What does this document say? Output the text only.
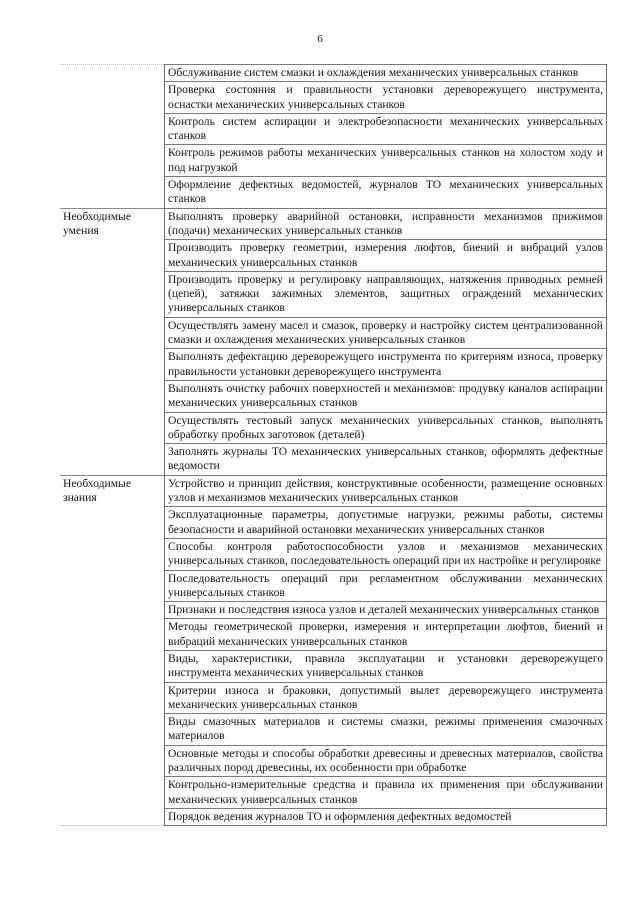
6
	Обслуживание систем смазки и охлаждения механических универсальных станков
	Проверка состояния и правильности установки дереворежущего инструмента, оснастки механических универсальных станков
	Контроль систем аспирации и электробезопасности механических универсальных станков
	Контроль режимов работы механических универсальных станков на холостом ходу и под нагрузкой
	Оформление дефектных ведомостей, журналов ТО механических универсальных станков

Необходимые умения	Выполнять проверку аварийной остановки, исправности механизмов прижимов (подачи) механических универсальных станков
	Производить проверку геометрии, измерения люфтов, биений и вибраций узлов механических универсальных станков
	Производить проверку и регулировку направляющих, натяжения приводных ремней (цепей), затяжки зажимных элементов, защитных ограждений механических универсальных станков
	Осуществлять замену масел и смазок, проверку и настройку систем централизованной смазки и охлаждения механических универсальных станков
	Выполнять дефектацию дереворежущего инструмента по критериям износа, проверку правильности установки дереворежущего инструмента
	Выполнять очистку рабочих поверхностей и механизмов: продувку каналов аспирации механических универсальных станков
	Осуществлять тестовый запуск механических универсальных станков, выполнять обработку пробных заготовок (деталей)
	Заполнять журналы ТО механических универсальных станков, оформлять дефектные ведомости

Необходимые знания	Устройство и принцип действия, конструктивные особенности, размещение основных узлов и механизмов механических универсальных станков
	Эксплуатационные параметры, допустимые нагрузки, режимы работы, системы безопасности и аварийной остановки механических универсальных станков
	Способы контроля работоспособности узлов и механизмов механических универсальных станков, последовательность операций при их настройке и регулировке
	Последовательность операций при регламентном обслуживании механических универсальных станков
	Признаки и последствия износа узлов и деталей механических универсальных станков
	Методы геометрической проверки, измерения и интерпретации люфтов, биений и вибраций механических универсальных станков
	Виды, характеристики, правила эксплуатации и установки дереворежущего инструмента механических универсальных станков
	Критерии износа и браковки, допустимый вылет дереворежущего инструмента механических универсальных станков
	Виды смазочных материалов и системы смазки, режимы применения смазочных материалов
	Основные методы и способы обработки древесины и древесных материалов, свойства различных пород древесины, их особенности при обработке
	Контрольно-измерительные средства и правила их применения при обслуживании механических универсальных станков
	Порядок ведения журналов ТО и оформления дефектных ведомостей
